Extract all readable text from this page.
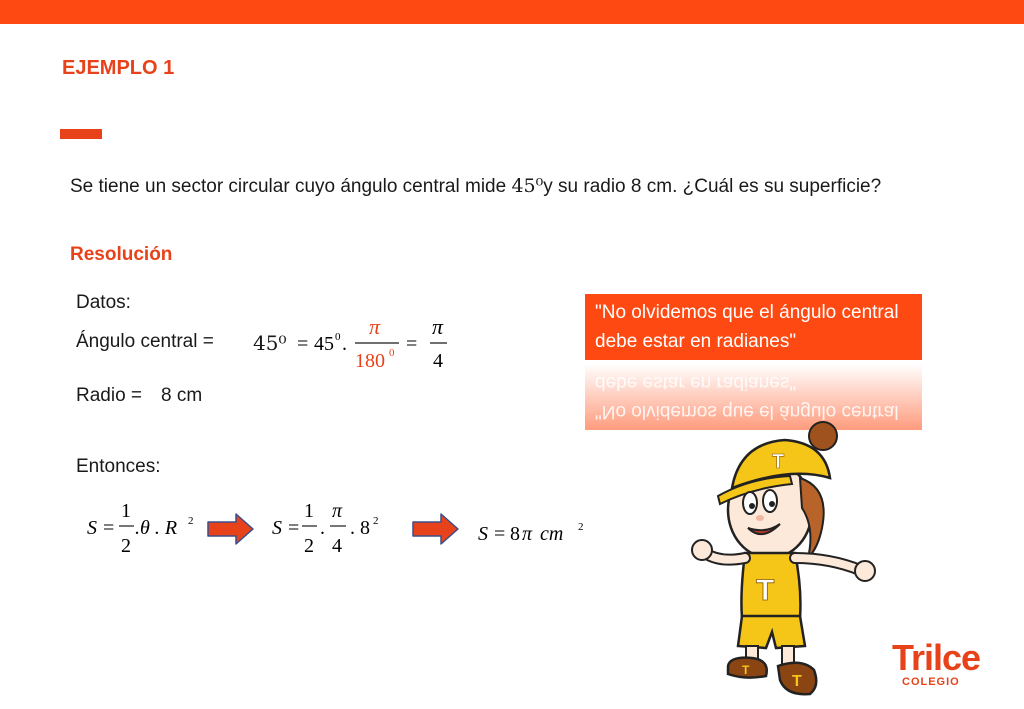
EJEMPLO 1
Se tiene un sector circular cuyo ángulo central mide 45⁰y su radio 8 cm. ¿Cuál es su superficie?
Resolución
Datos:
Ángulo central = 45⁰ = 45 0 .
π
180 0 =
π
4
Radio = 8 cm
Entonces:
S =
1
2
.θ . R 2	S =
1
2
.
π
4
. 8 2
S = 8 π cm 2
"No olvidemos que el ángulo central debe estar en radianes"
"No olvidemos que el ángulo central debe estar en radianes"
T
T
T
T
Trilce
COLEGIO
